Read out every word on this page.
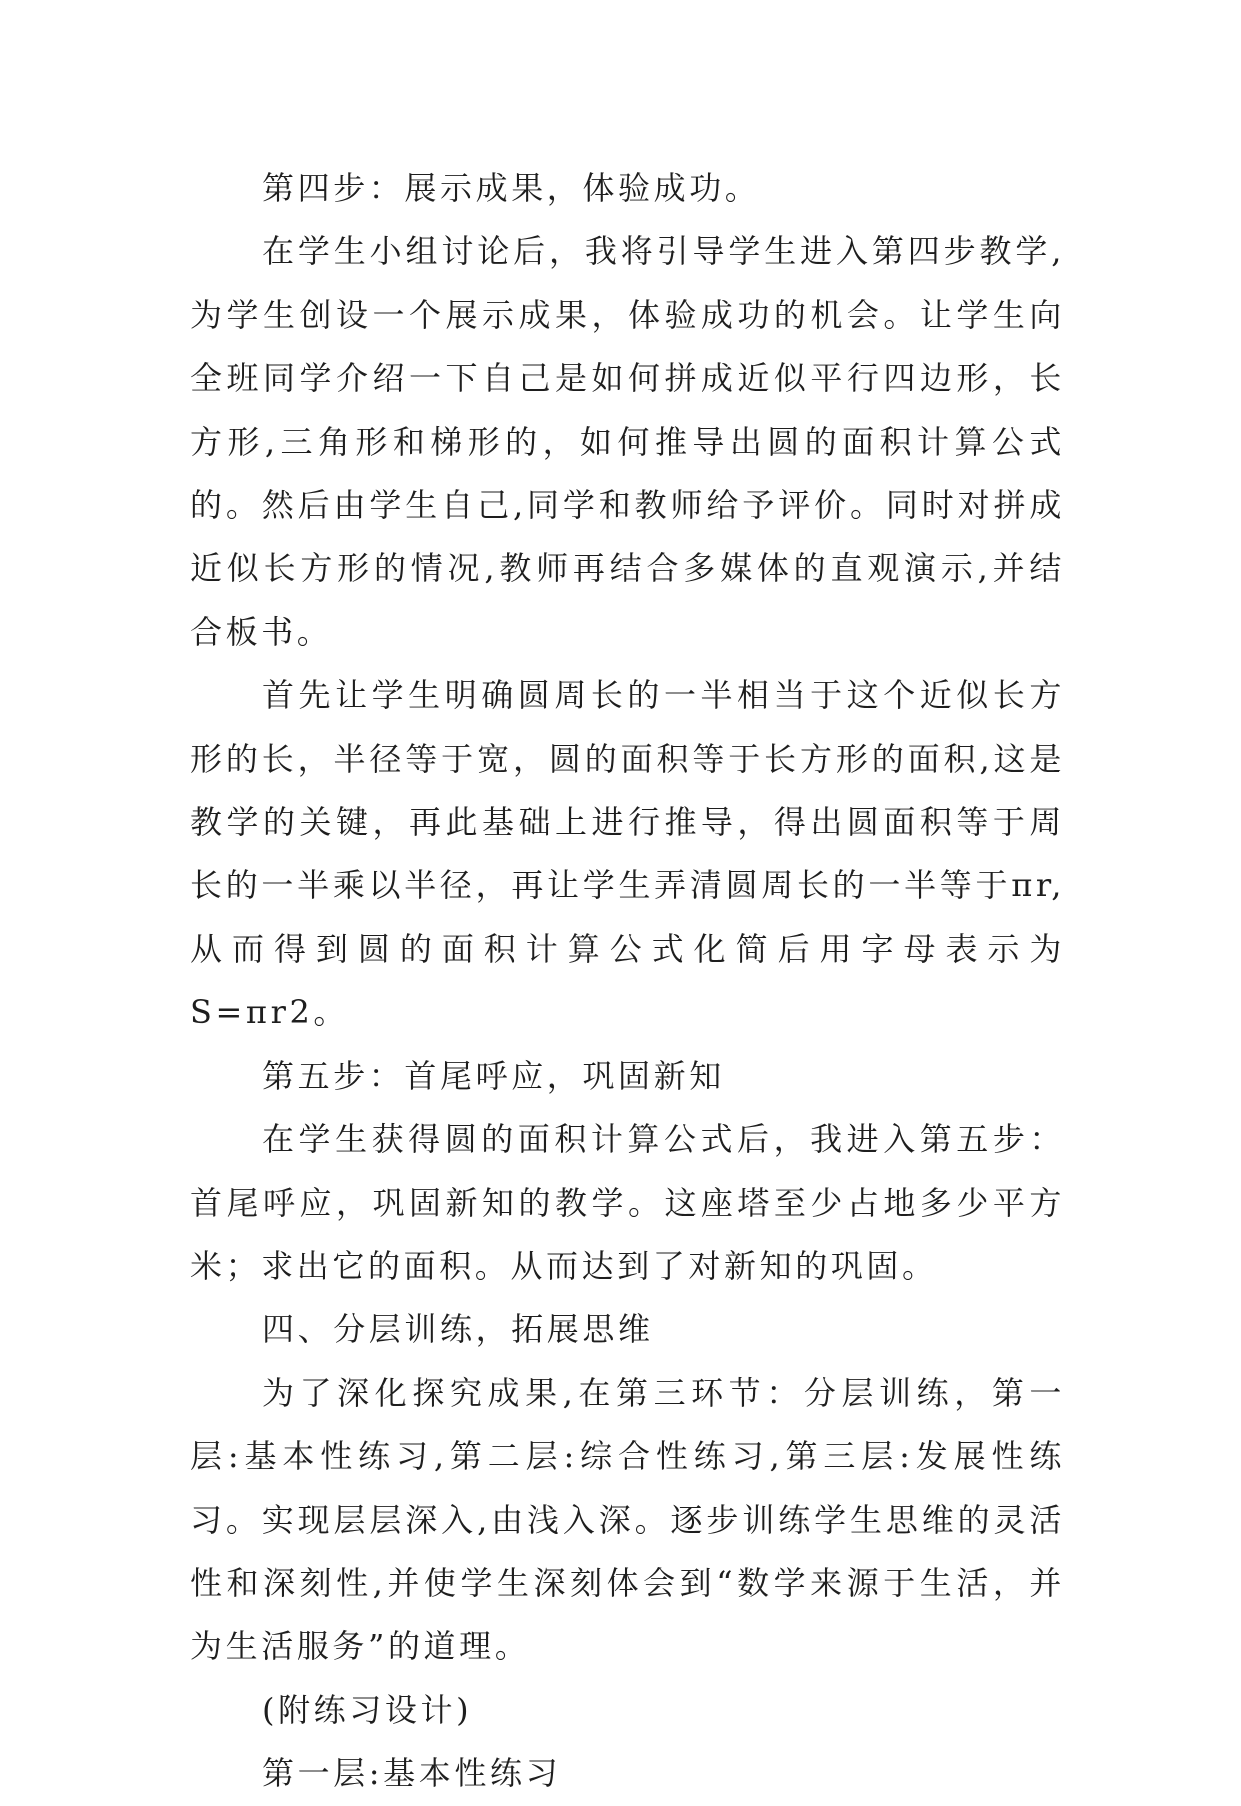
第四步：展示成果，体验成功。

在学生小组讨论后，我将引导学生进入第四步教学,为学生创设一个展示成果，体验成功的机会。让学生向全班同学介绍一下自己是如何拼成近似平行四边形，长方形,三角形和梯形的，如何推导出圆的面积计算公式的。然后由学生自己,同学和教师给予评价。同时对拼成近似长方形的情况,教师再结合多媒体的直观演示,并结合板书。

首先让学生明确圆周长的一半相当于这个近似长方形的长，半径等于宽，圆的面积等于长方形的面积,这是教学的关键，再此基础上进行推导，得出圆面积等于周长的一半乘以半径，再让学生弄清圆周长的一半等于πr,从而得到圆的面积计算公式化简后用字母表示为S=πr2。

第五步：首尾呼应，巩固新知

在学生获得圆的面积计算公式后，我进入第五步：首尾呼应，巩固新知的教学。这座塔至少占地多少平方米；求出它的面积。从而达到了对新知的巩固。

四、分层训练，拓展思维

为了深化探究成果,在第三环节：分层训练，第一层:基本性练习,第二层:综合性练习,第三层:发展性练习。实现层层深入,由浅入深。逐步训练学生思维的灵活性和深刻性,并使学生深刻体会到“数学来源于生活，并为生活服务”的道理。

(附练习设计)

第一层:基本性练习
